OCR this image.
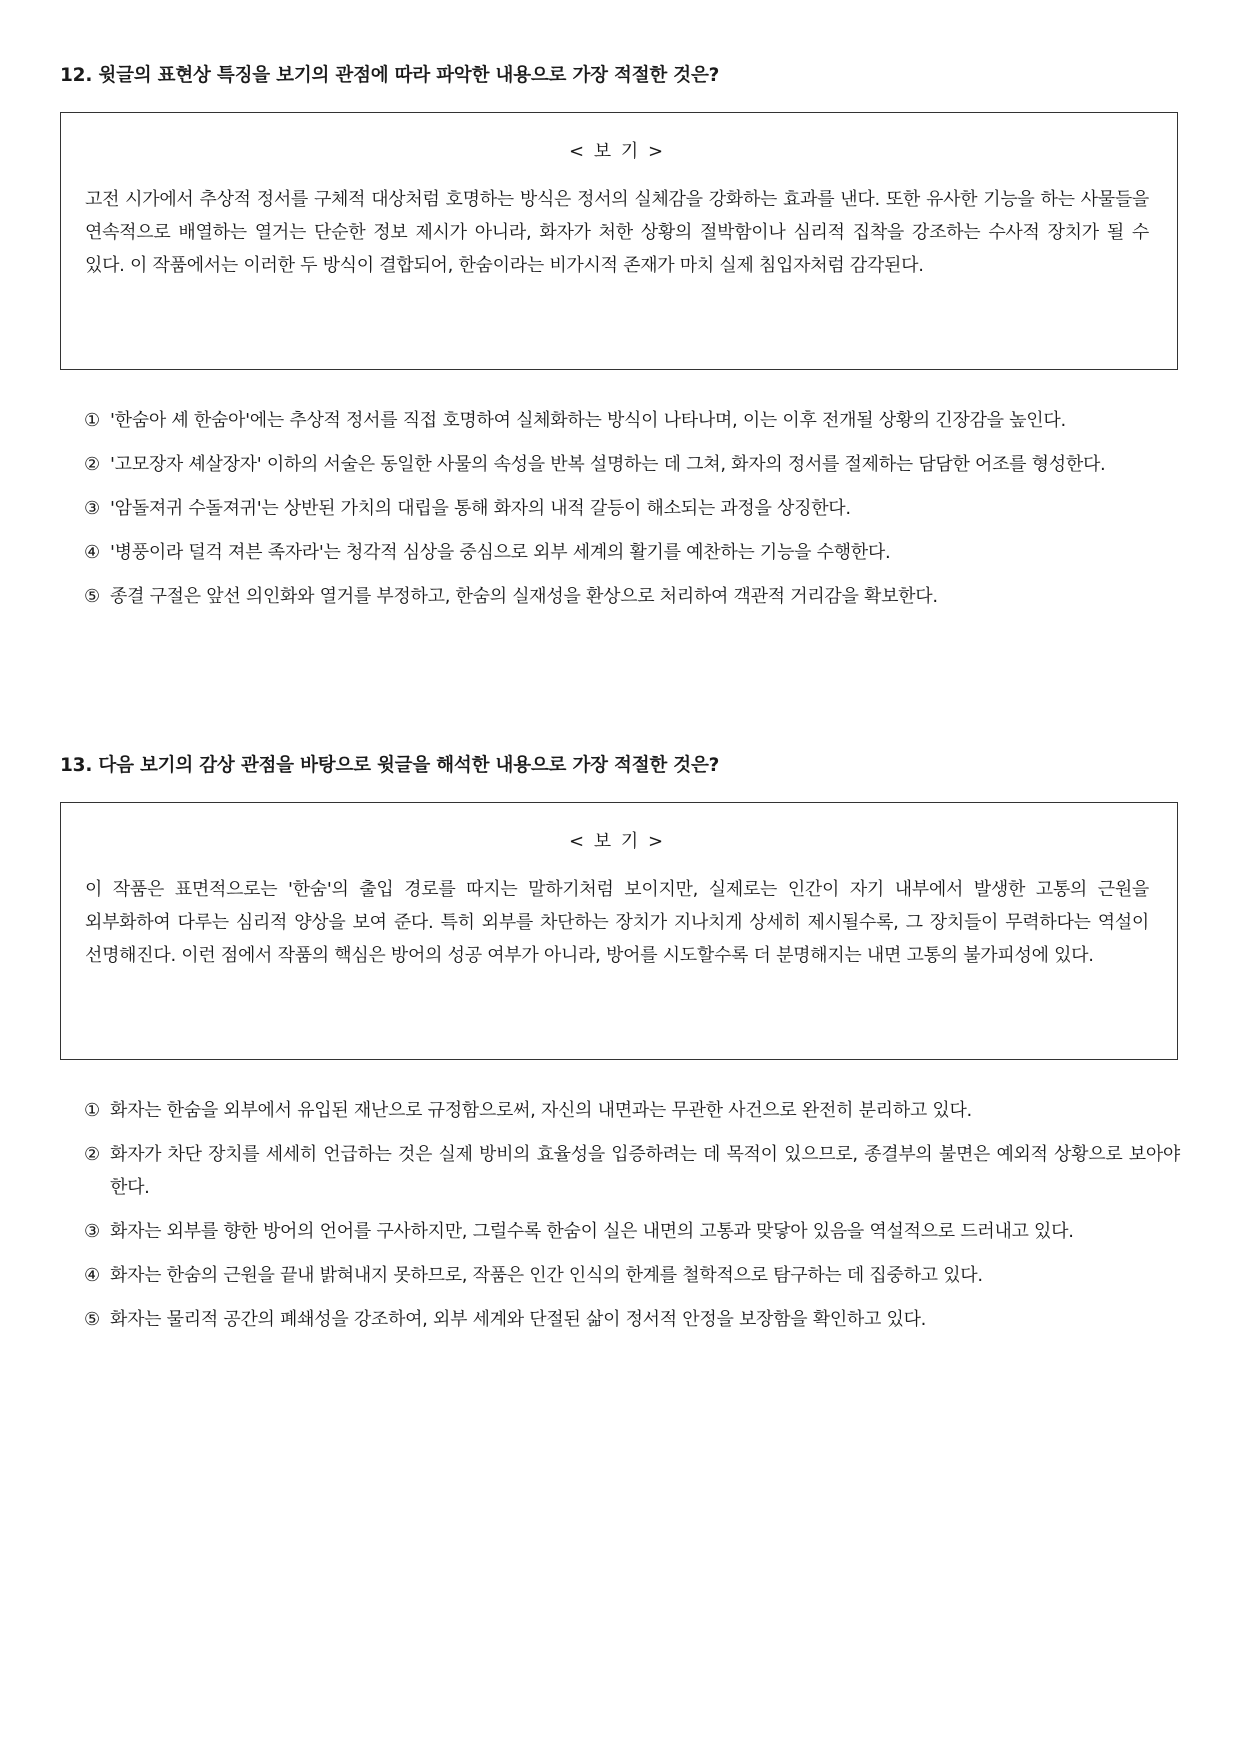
12. 윗글의 표현상 특징을 보기의 관점에 따라 파악한 내용으로 가장 적절한 것은?

< 보 기 >

고전 시가에서 추상적 정서를 구체적 대상처럼 호명하는 방식은 정서의 실체감을 강화하는 효과를 낸다. 또한 유사한 기능을 하는 사물들을 연속적으로 배열하는 열거는 단순한 정보 제시가 아니라, 화자가 처한 상황의 절박함이나 심리적 집착을 강조하는 수사적 장치가 될 수 있다. 이 작품에서는 이러한 두 방식이 결합되어, 한숨이라는 비가시적 존재가 마치 실제 침입자처럼 감각된다.

① '한숨아 셰 한숨아'에는 추상적 정서를 직접 호명하여 실체화하는 방식이 나타나며, 이는 이후 전개될 상황의 긴장감을 높인다.
② '고모장자 셰살장자' 이하의 서술은 동일한 사물의 속성을 반복 설명하는 데 그쳐, 화자의 정서를 절제하는 담담한 어조를 형성한다.
③ '암돌져귀 수돌져귀'는 상반된 가치의 대립을 통해 화자의 내적 갈등이 해소되는 과정을 상징한다.
④ '병풍이라 덜걱 져븐 족자라'는 청각적 심상을 중심으로 외부 세계의 활기를 예찬하는 기능을 수행한다.
⑤ 종결 구절은 앞선 의인화와 열거를 부정하고, 한숨의 실재성을 환상으로 처리하여 객관적 거리감을 확보한다.

13. 다음 보기의 감상 관점을 바탕으로 윗글을 해석한 내용으로 가장 적절한 것은?

< 보 기 >

이 작품은 표면적으로는 '한숨'의 출입 경로를 따지는 말하기처럼 보이지만, 실제로는 인간이 자기 내부에서 발생한 고통의 근원을 외부화하여 다루는 심리적 양상을 보여 준다. 특히 외부를 차단하는 장치가 지나치게 상세히 제시될수록, 그 장치들이 무력하다는 역설이 선명해진다. 이런 점에서 작품의 핵심은 방어의 성공 여부가 아니라, 방어를 시도할수록 더 분명해지는 내면 고통의 불가피성에 있다.

① 화자는 한숨을 외부에서 유입된 재난으로 규정함으로써, 자신의 내면과는 무관한 사건으로 완전히 분리하고 있다.
② 화자가 차단 장치를 세세히 언급하는 것은 실제 방비의 효율성을 입증하려는 데 목적이 있으므로, 종결부의 불면은 예외적 상황으로 보아야 한다.
③ 화자는 외부를 향한 방어의 언어를 구사하지만, 그럴수록 한숨이 실은 내면의 고통과 맞닿아 있음을 역설적으로 드러내고 있다.
④ 화자는 한숨의 근원을 끝내 밝혀내지 못하므로, 작품은 인간 인식의 한계를 철학적으로 탐구하는 데 집중하고 있다.
⑤ 화자는 물리적 공간의 폐쇄성을 강조하여, 외부 세계와 단절된 삶이 정서적 안정을 보장함을 확인하고 있다.
